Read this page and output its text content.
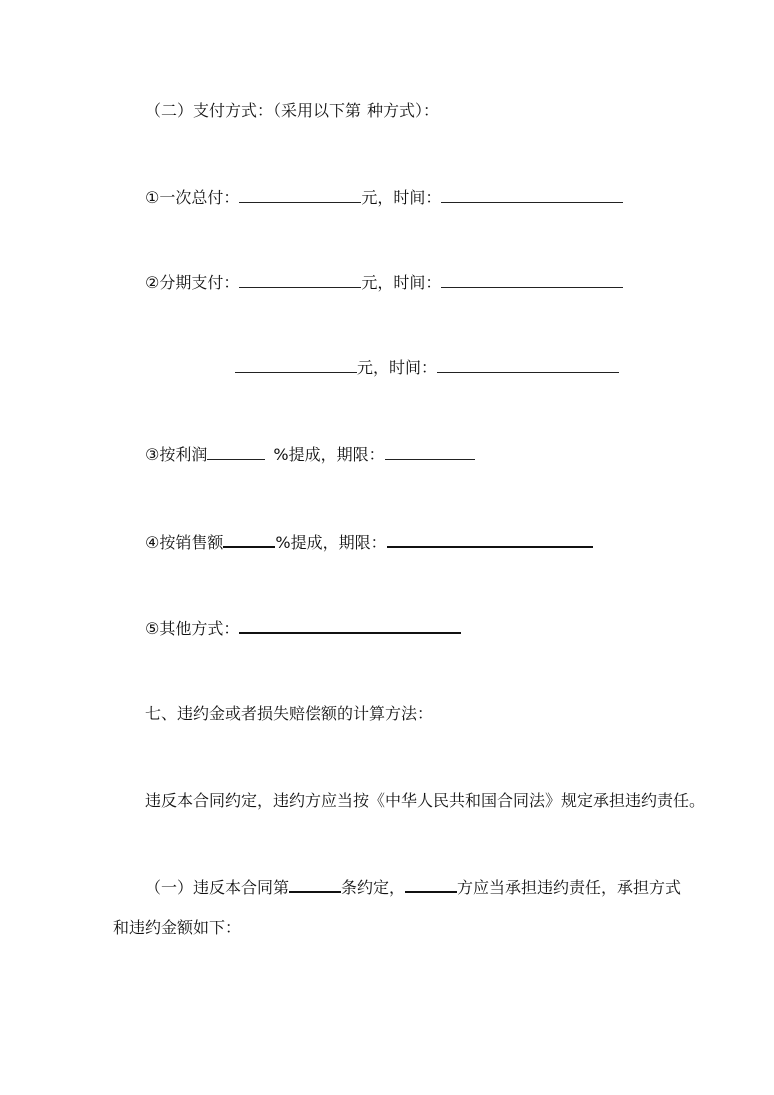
（二）支付方式：（采用以下第 种方式）：
①一次总付：	元，时间：
②分期支付：	元，时间：
元，时间：
③按利润	%提成，期限：
④按销售额	%提成，期限：
⑤其他方式：
七、违约金或者损失赔偿额的计算方法：
违反本合同约定，违约方应当按《中华人民共和国合同法》规定承担违约责任。
（一）违反本合同第	条约定，	方应当承担违约责任，承担方式
和违约金额如下：
